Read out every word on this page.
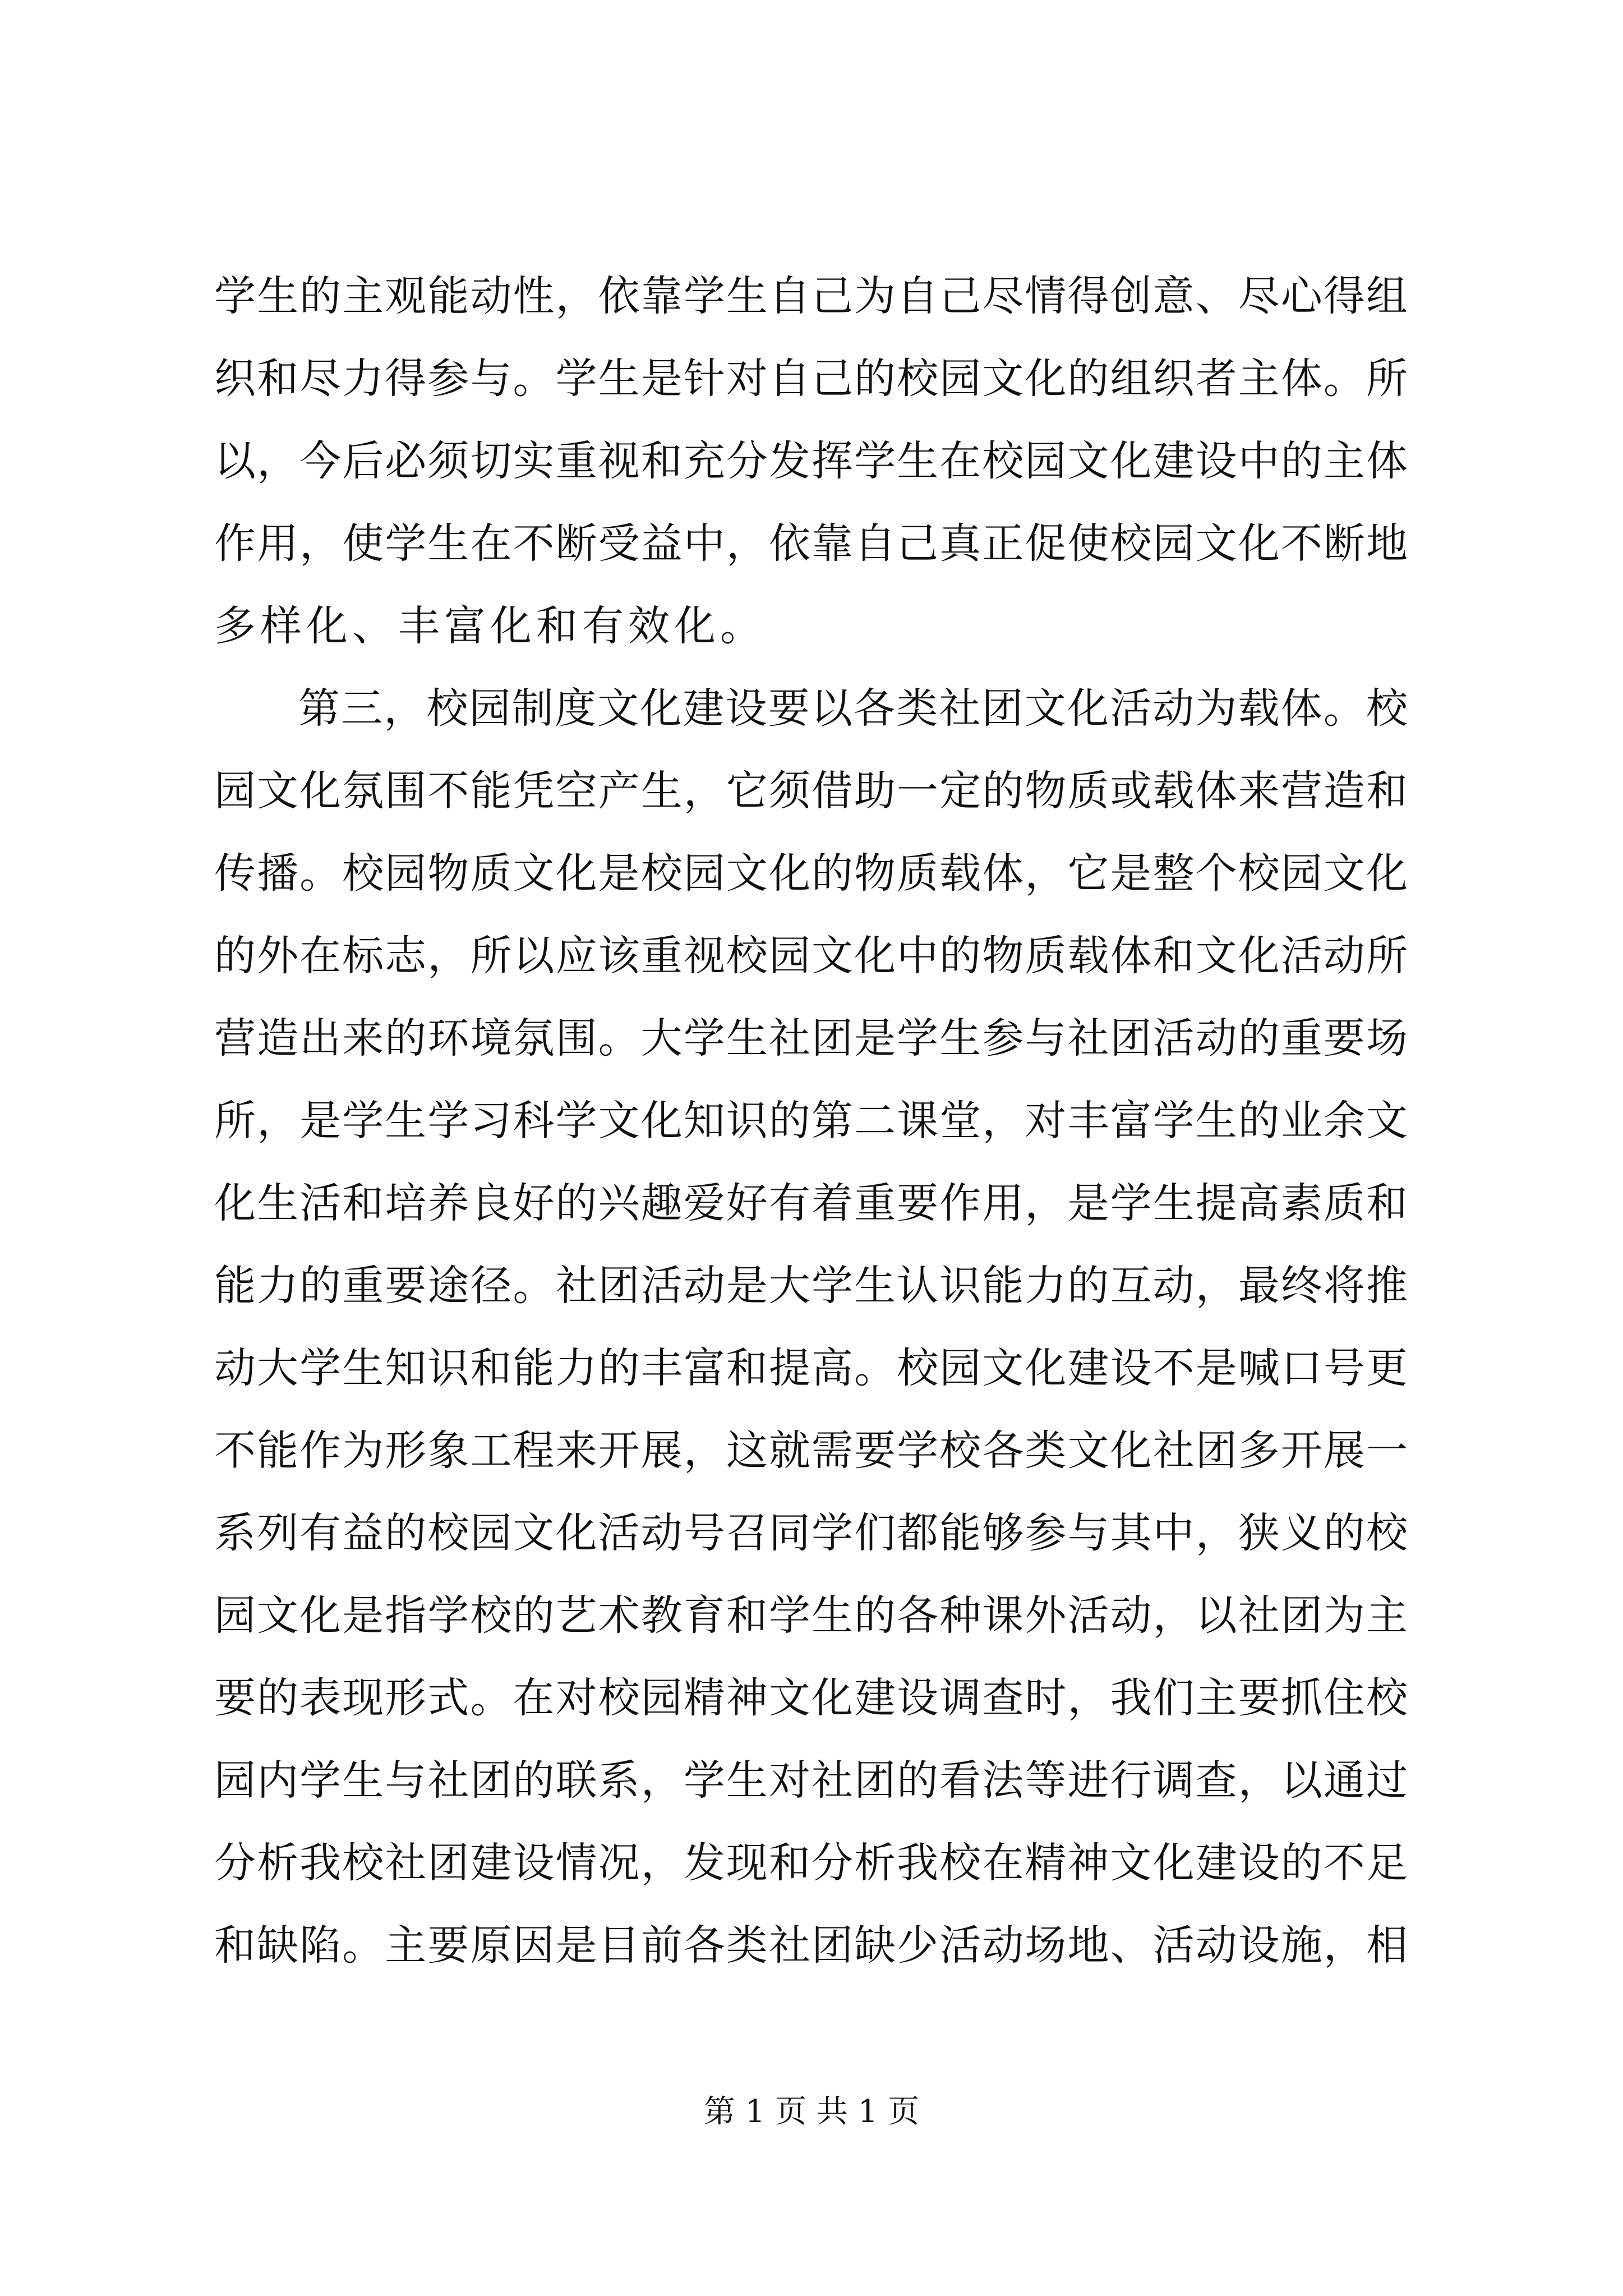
学生的主观能动性，依靠学生自己为自己尽情得创意、尽心得组
织和尽力得参与。学生是针对自己的校园文化的组织者主体。所
以，今后必须切实重视和充分发挥学生在校园文化建设中的主体
作用，使学生在不断受益中，依靠自己真正促使校园文化不断地
多样化、丰富化和有效化。
第三，校园制度文化建设要以各类社团文化活动为载体。校
园文化氛围不能凭空产生，它须借助一定的物质或载体来营造和
传播。校园物质文化是校园文化的物质载体，它是整个校园文化
的外在标志，所以应该重视校园文化中的物质载体和文化活动所
营造出来的环境氛围。大学生社团是学生参与社团活动的重要场
所，是学生学习科学文化知识的第二课堂，对丰富学生的业余文
化生活和培养良好的兴趣爱好有着重要作用，是学生提高素质和
能力的重要途径。社团活动是大学生认识能力的互动，最终将推
动大学生知识和能力的丰富和提高。校园文化建设不是喊口号更
不能作为形象工程来开展，这就需要学校各类文化社团多开展一
系列有益的校园文化活动号召同学们都能够参与其中，狭义的校
园文化是指学校的艺术教育和学生的各种课外活动，以社团为主
要的表现形式。在对校园精神文化建设调查时，我们主要抓住校
园内学生与社团的联系，学生对社团的看法等进行调查，以通过
分析我校社团建设情况，发现和分析我校在精神文化建设的不足
和缺陷。主要原因是目前各类社团缺少活动场地、活动设施，相
第 1 页 共 1 页
